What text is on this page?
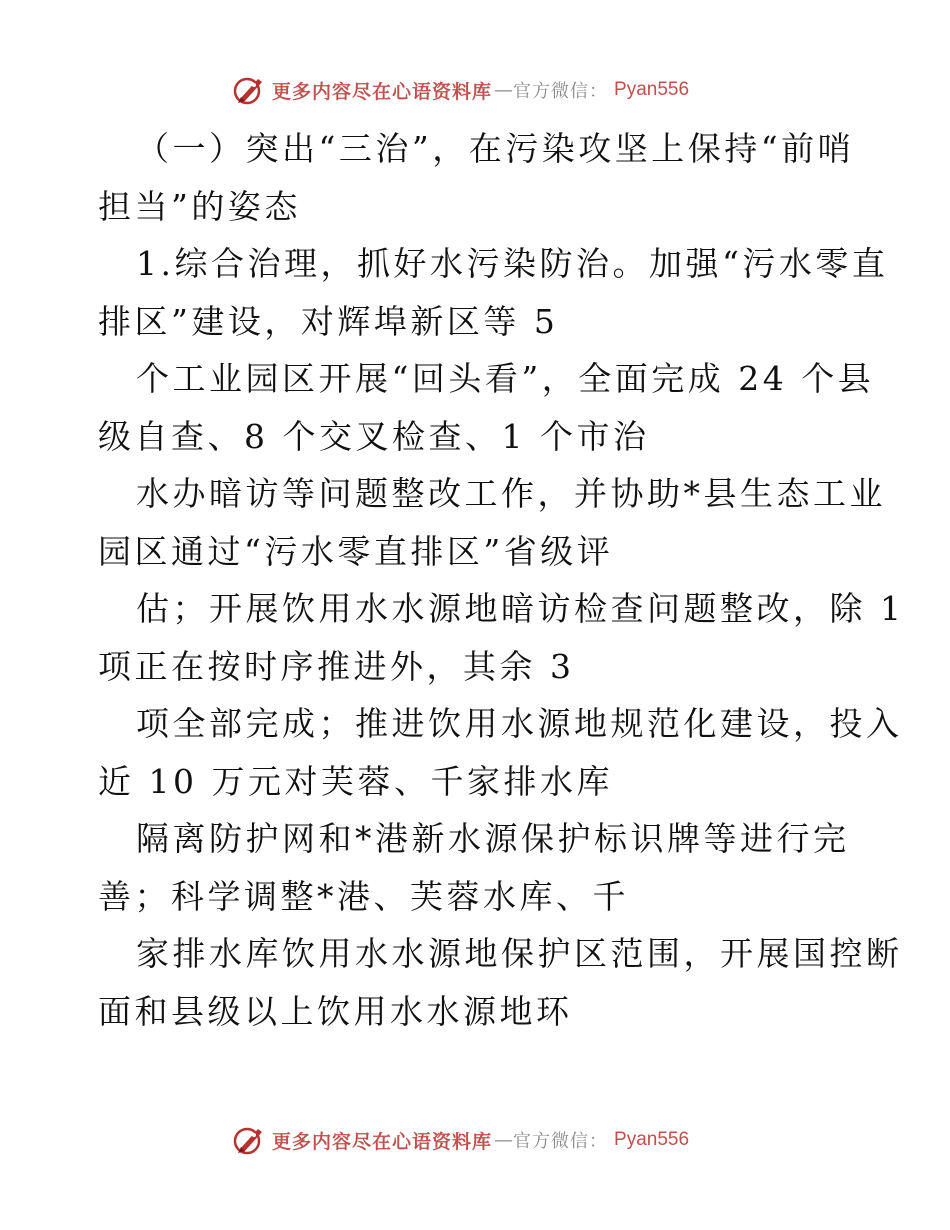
更多内容尽在心语资料库 — 官方微信： Pyan556
（一）突出“三治”，在污染攻坚上保持“前哨
担当”的姿态
1.综合治理，抓好水污染防治。加强“污水零直
排区”建设，对辉埠新区等 5
个工业园区开展“回头看”，全面完成 24 个县
级自查、8 个交叉检查、1 个市治
水办暗访等问题整改工作，并协助*县生态工业
园区通过“污水零直排区”省级评
估；开展饮用水水源地暗访检查问题整改，除 1
项正在按时序推进外，其余 3
项全部完成；推进饮用水源地规范化建设，投入
近 10 万元对芙蓉、千家排水库
隔离防护网和*港新水源保护标识牌等进行完
善；科学调整*港、芙蓉水库、千
家排水库饮用水水源地保护区范围，开展国控断
面和县级以上饮用水水源地环
更多内容尽在心语资料库 — 官方微信： Pyan556
